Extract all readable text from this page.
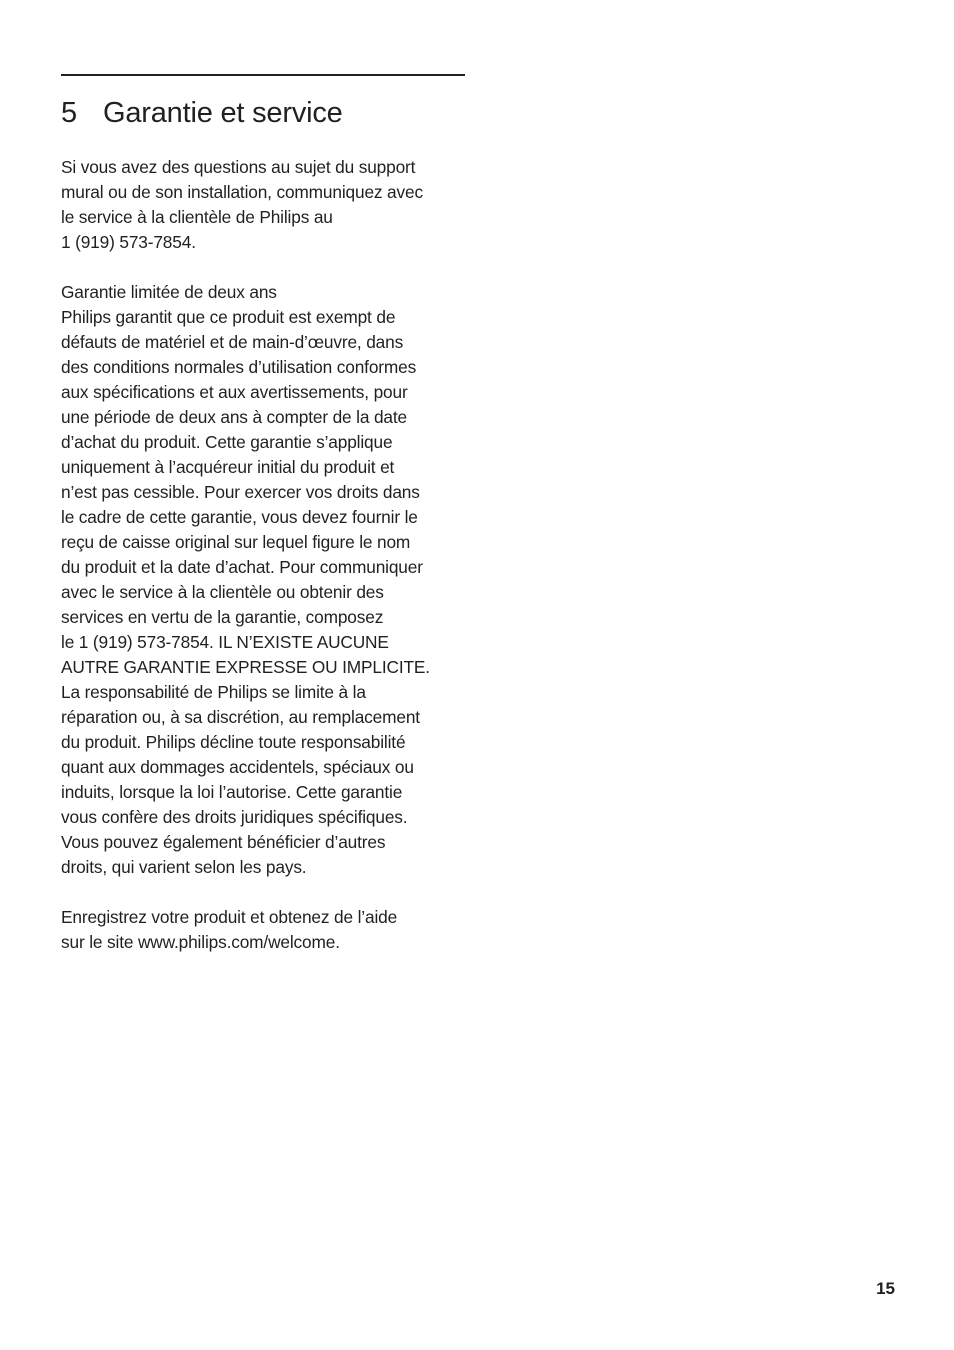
5 Garantie et service
Si vous avez des questions au sujet du support
mural ou de son installation, communiquez avec
le service à la clientèle de Philips au
1 (919) 573-7854.
Garantie limitée de deux ans
Philips garantit que ce produit est exempt de
défauts de matériel et de main-d’œuvre, dans
des conditions normales d’utilisation conformes
aux spécifications et aux avertissements, pour
une période de deux ans à compter de la date
d’achat du produit. Cette garantie s’applique
uniquement à l’acquéreur initial du produit et
n’est pas cessible. Pour exercer vos droits dans
le cadre de cette garantie, vous devez fournir le
reçu de caisse original sur lequel figure le nom
du produit et la date d’achat. Pour communiquer
avec le service à la clientèle ou obtenir des
services en vertu de la garantie, composez
le 1 (919) 573-7854. IL N’EXISTE AUCUNE
AUTRE GARANTIE EXPRESSE OU IMPLICITE.
La responsabilité de Philips se limite à la
réparation ou, à sa discrétion, au remplacement
du produit. Philips décline toute responsabilité
quant aux dommages accidentels, spéciaux ou
induits, lorsque la loi l’autorise. Cette garantie
vous confère des droits juridiques spécifiques.
Vous pouvez également bénéficier d’autres
droits, qui varient selon les pays.
Enregistrez votre produit et obtenez de l’aide
sur le site www.philips.com/welcome.
15
